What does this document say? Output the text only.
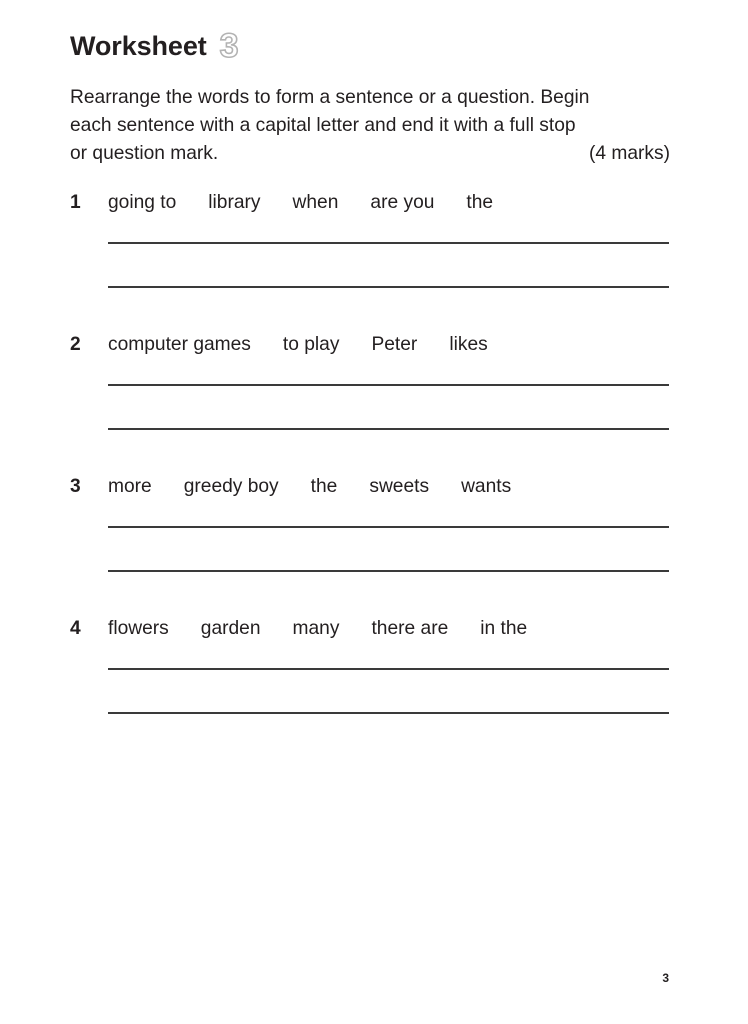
Worksheet 3
Rearrange the words to form a sentence or a question. Begin
each sentence with a capital letter and end it with a full stop
or question mark.	(4 marks)
1 going to library when are you the
2 computer games to play Peter likes
3 more greedy boy the sweets wants
4 flowers garden many there are in the
3
